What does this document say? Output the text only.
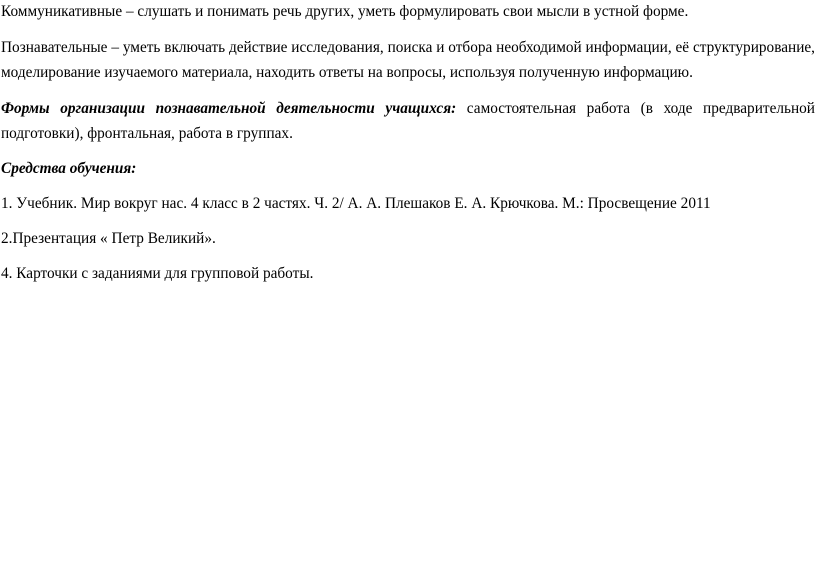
Коммуникативные – слушать и понимать речь других, уметь формулировать свои мысли в устной форме.

Познавательные – уметь включать действие исследования, поиска и отбора необходимой информации, её структурирование, моделирование изучаемого материала, находить ответы на вопросы, используя полученную информацию.

Формы организации познавательной деятельности учащихся: самостоятельная работа (в ходе предварительной подготовки), фронтальная, работа в группах.

Средства обучения:

1. Учебник. Мир вокруг нас. 4 класс в 2 частях. Ч. 2/ А. А. Плешаков Е. А. Крючкова. М.: Просвещение 2011

2.Презентация « Петр Великий».

4. Карточки с заданиями для групповой работы.
